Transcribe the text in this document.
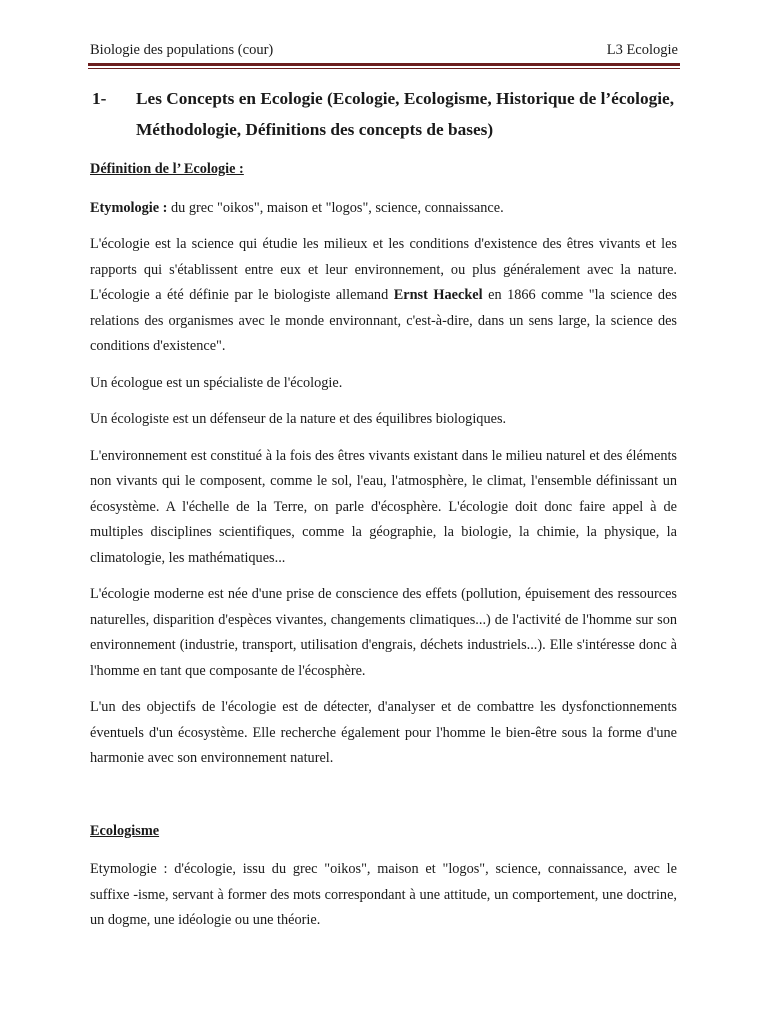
Biologie des populations (cour)	L3 Ecologie

1- Les Concepts en Ecologie (Ecologie, Ecologisme, Historique de l’écologie, Méthodologie, Définitions des concepts de bases)

Définition de l’ Ecologie :

Etymologie : du grec "oikos", maison et "logos", science, connaissance.

L'écologie est la science qui étudie les milieux et les conditions d'existence des êtres vivants et les rapports qui s'établissent entre eux et leur environnement, ou plus généralement avec la nature. L'écologie a été définie par le biologiste allemand Ernst Haeckel en 1866 comme "la science des relations des organismes avec le monde environnant, c'est-à-dire, dans un sens large, la science des conditions d'existence".

Un écologue est un spécialiste de l'écologie.

Un écologiste est un défenseur de la nature et des équilibres biologiques.

L'environnement est constitué à la fois des êtres vivants existant dans le milieu naturel et des éléments non vivants qui le composent, comme le sol, l'eau, l'atmosphère, le climat, l'ensemble définissant un écosystème. A l'échelle de la Terre, on parle d'écosphère. L'écologie doit donc faire appel à de multiples disciplines scientifiques, comme la géographie, la biologie, la chimie, la physique, la climatologie, les mathématiques...

L'écologie moderne est née d'une prise de conscience des effets (pollution, épuisement des ressources naturelles, disparition d'espèces vivantes, changements climatiques...) de l'activité de l'homme sur son environnement (industrie, transport, utilisation d'engrais, déchets industriels...). Elle s'intéresse donc à l'homme en tant que composante de l'écosphère.

L'un des objectifs de l'écologie est de détecter, d'analyser et de combattre les dysfonctionnements éventuels d'un écosystème. Elle recherche également pour l'homme le bien-être sous la forme d'une harmonie avec son environnement naturel.

Ecologisme

Etymologie : d'écologie, issu du grec "oikos", maison et "logos", science, connaissance, avec le suffixe -isme, servant à former des mots correspondant à une attitude, un comportement, une doctrine, un dogme, une idéologie ou une théorie.
